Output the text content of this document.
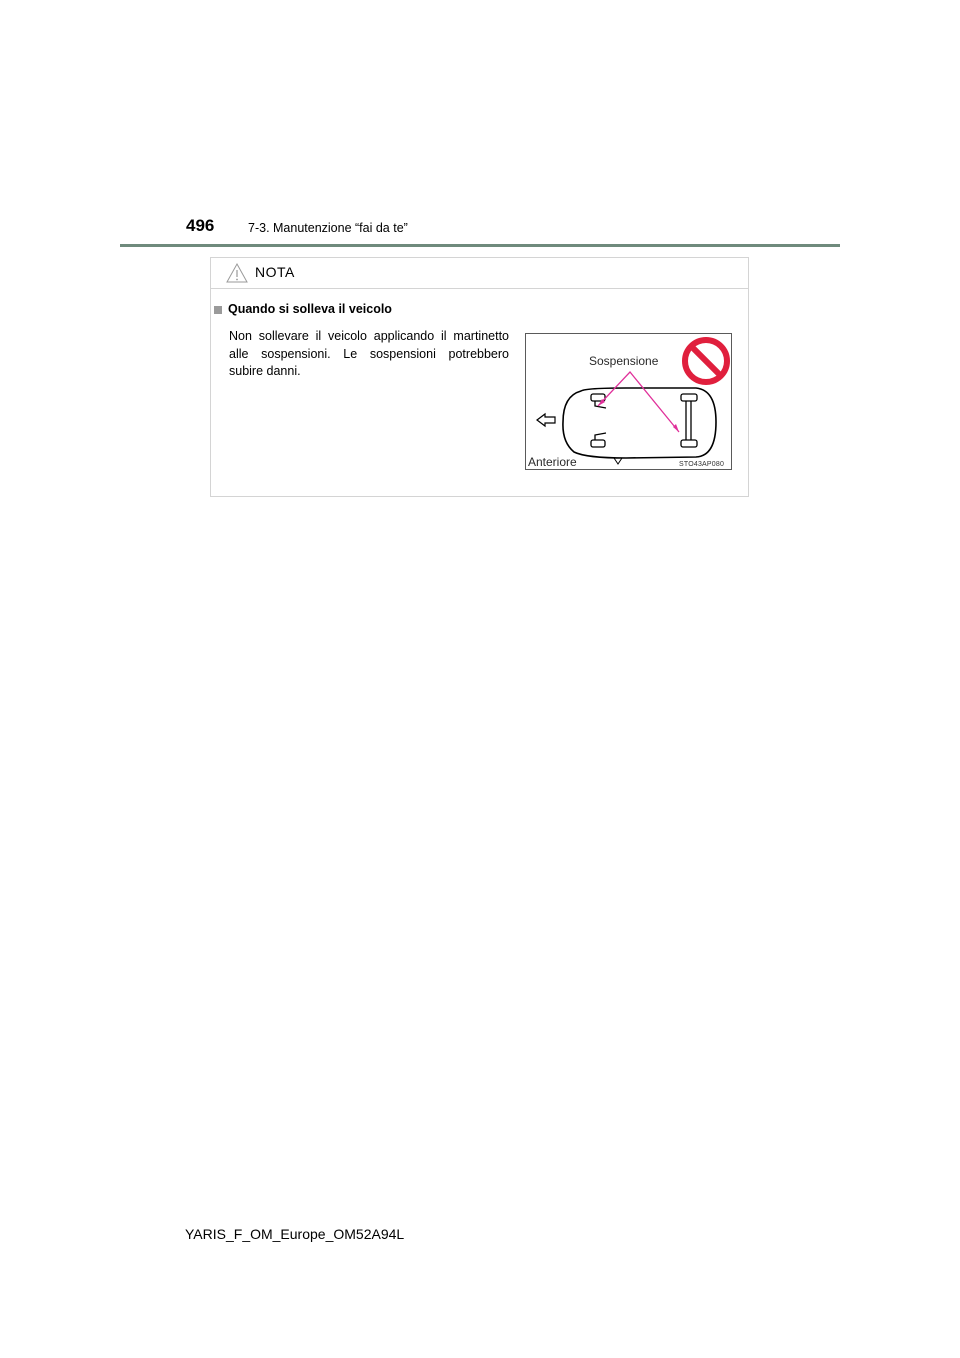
496	7-3. Manutenzione “fai da te”
NOTA
Quando si solleva il veicolo
Non sollevare il veicolo applicando il martinetto alle sospensioni. Le sospensioni potrebbero subire danni.
Sospensione
Anteriore	STO43AP080
YARIS_F_OM_Europe_OM52A94L
